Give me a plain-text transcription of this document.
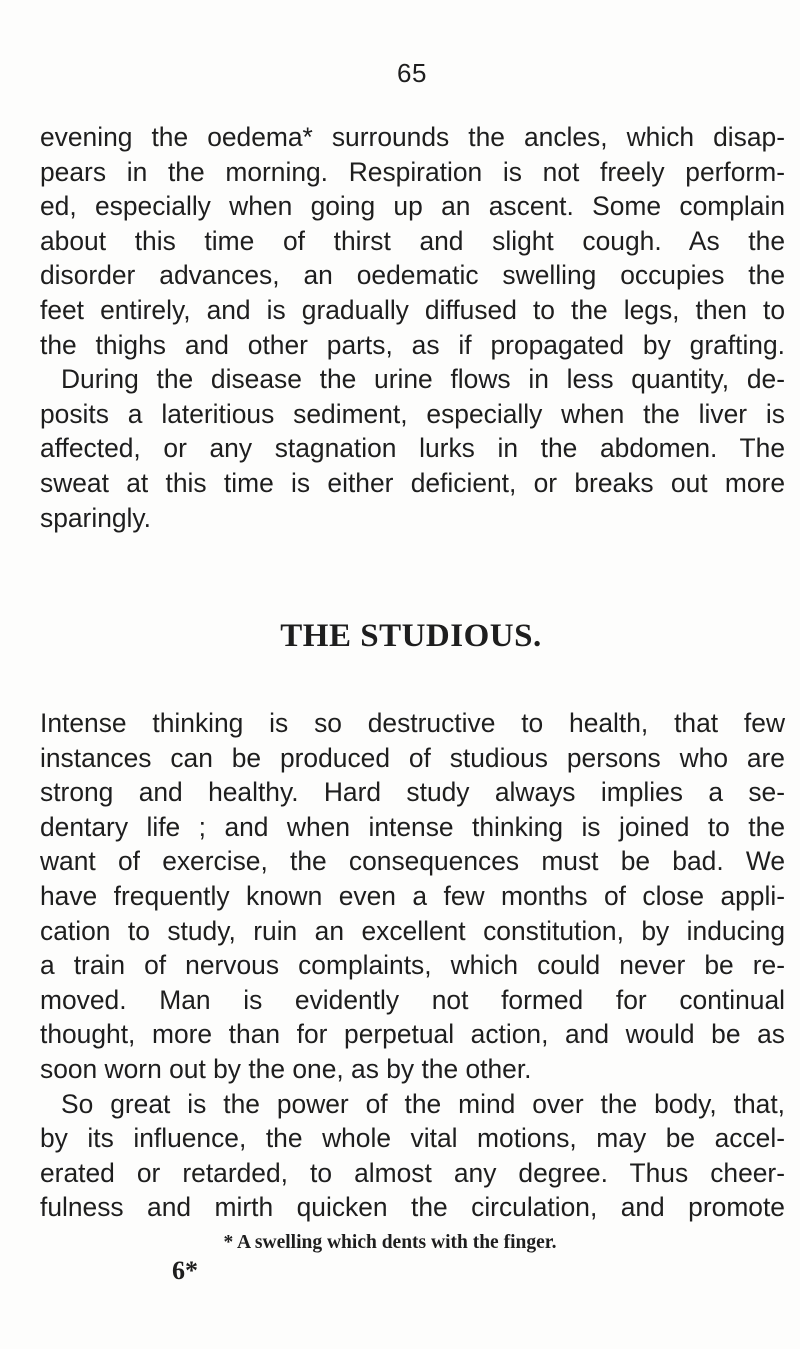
65
evening the oedema* surrounds the ancles, which disap-
pears in the morning. Respiration is not freely perform-
ed, especially when going up an ascent. Some complain
about this time of thirst and slight cough. As the
disorder advances, an oedematic swelling occupies the
feet entirely, and is gradually diffused to the legs, then to
the thighs and other parts, as if propagated by grafting.
During the disease the urine flows in less quantity, de-
posits a lateritious sediment, especially when the liver is
affected, or any stagnation lurks in the abdomen. The
sweat at this time is either deficient, or breaks out more
sparingly.
THE STUDIOUS.
Intense thinking is so destructive to health, that few
instances can be produced of studious persons who are
strong and healthy. Hard study always implies a se-
dentary life ; and when intense thinking is joined to the
want of exercise, the consequences must be bad. We
have frequently known even a few months of close appli-
cation to study, ruin an excellent constitution, by inducing
a train of nervous complaints, which could never be re-
moved. Man is evidently not formed for continual
thought, more than for perpetual action, and would be as
soon worn out by the one, as by the other.
So great is the power of the mind over the body, that,
by its influence, the whole vital motions, may be accel-
erated or retarded, to almost any degree. Thus cheer-
fulness and mirth quicken the circulation, and promote
* A swelling which dents with the finger.
6*
